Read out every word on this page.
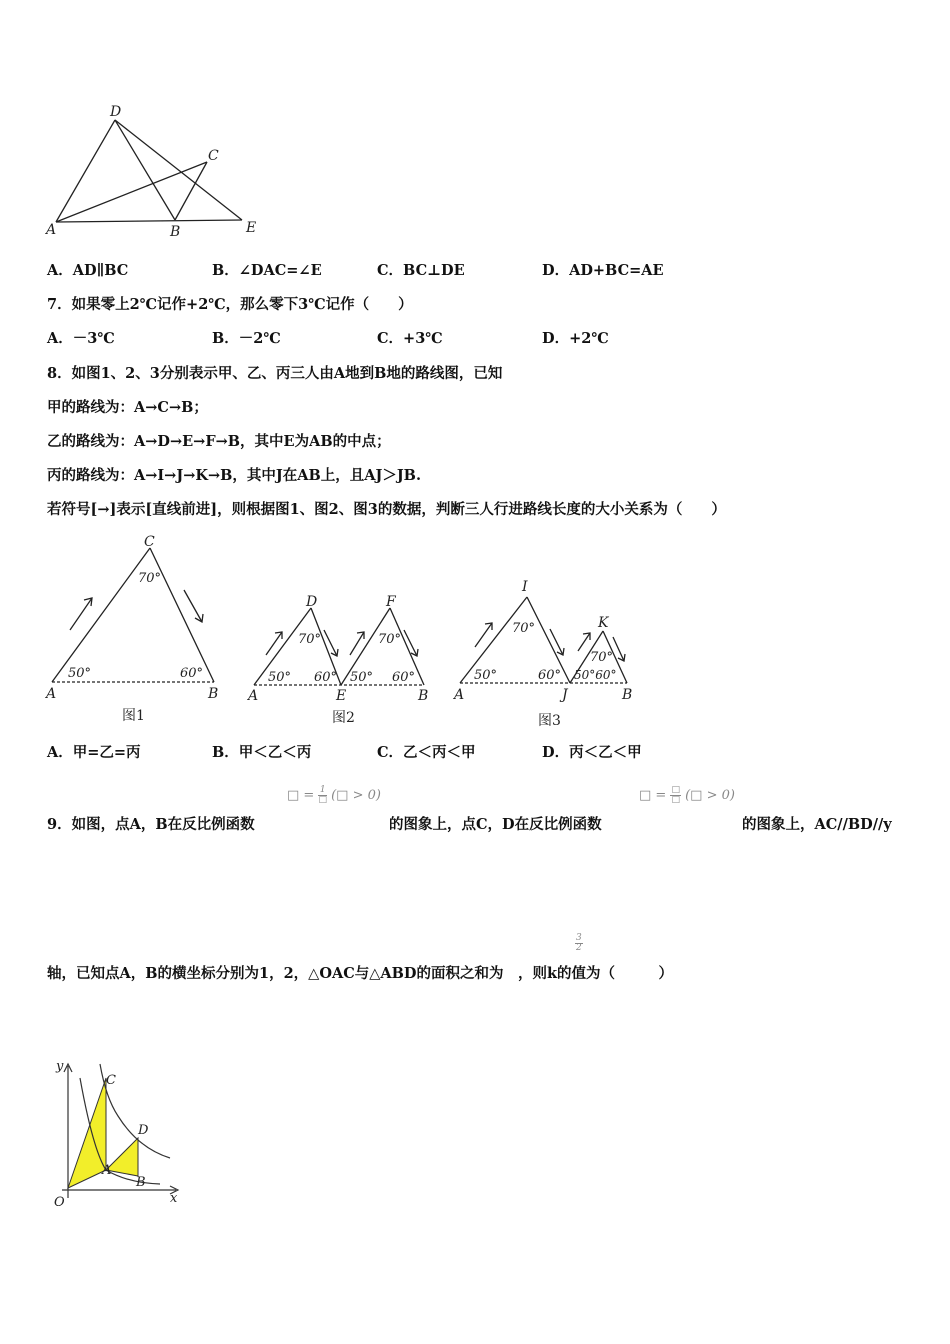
D
C
A	B	E
A．AD∥BC	B．∠DAC=∠E	C．BC⊥DE	D．AD+BC=AE
7．如果零上2℃记作+2℃，那么零下3℃记作（　　）
A．－3℃	B．－2℃	C．+3℃	D．+2℃
8．如图1、2、3分别表示甲、乙、丙三人由A地到B地的路线图，已知
甲的路线为：A→C→B；
乙的路线为：A→D→E→F→B，其中E为AB的中点；
丙的路线为：A→I→J→K→B，其中J在AB上，且AJ＞JB.
若符号[→]表示[直线前进]，则根据图1、图2、图3的数据，判断三人行进路线长度的大小关系为（　　）
C
70°
50°	60°
A	B
图1
D	F
70°	70°
50° 60° 50° 60°
A	E	B
图2
I
K
70°
70°
50°	60° 50°60°
A	J	B
图3
A．甲=乙=丙	B．甲＜乙＜丙	C．乙＜丙＜甲	D．丙＜乙＜甲
□ = $\frac{1}{□}$ (□ > 0)	□ = $\frac{□}{□}$ (□ > 0)
9．如图，点A，B在反比例函数	的图象上，点C，D在反比例函数	的图象上，AC//BD//y
$\frac{3}{2}$
轴，已知点A，B的横坐标分别为1，2，△OAC与△ABD的面积之和为　，则k的值为（　　　）
y
C
D
A
B
O	x
